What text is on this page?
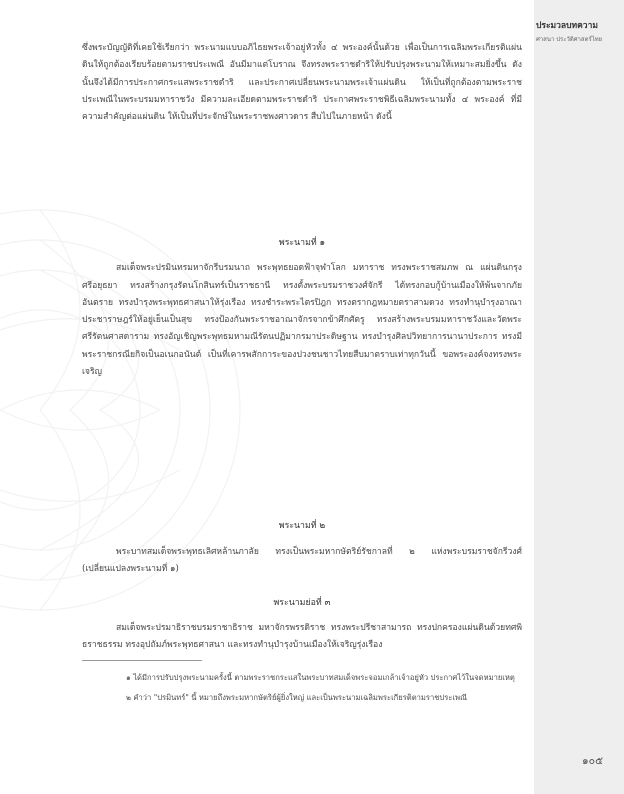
ประมวลบทความ
ศาสนา ประวัติศาสตร์ไทย

ซึ่งพระบัญญัติที่เคยใช้เรียกว่า พระนามแบบอภิไธยพระเจ้าอยู่หัวทั้ง ๔ พระองค์นั้นด้วย เพื่อเป็นการเฉลิมพระเกียรติแผ่นดินให้ถูกต้องเรียบร้อยตามราชประเพณี อันมีมาแต่โบราณ จึงทรงพระราชดำริให้ปรับปรุงพระนามให้เหมาะสมยิ่งขึ้น ดังนั้นจึงได้มีการประกาศกระแสพระราชดำริ และประกาศเปลี่ยนพระนามพระเจ้าแผ่นดิน ให้เป็นที่ถูกต้องตามพระราชประเพณีในพระบรมมหาราชวัง มีความละเอียดตามพระราชดำริ ประกาศพระราชพิธีเฉลิมพระนามทั้ง ๔ พระองค์ ที่มีความสำคัญต่อแผ่นดิน ให้เป็นที่ประจักษ์ในพระราชพงศาวดาร สืบไปในภายหน้า ดังนี้

พระนามที่ ๑

สมเด็จพระปรมินทรมหาจักรีบรมนาถ พระพุทธยอดฟ้าจุฬาโลก มหาราช ทรงพระราชสมภพ ณ แผ่นดินกรุงศรีอยุธยา ทรงสร้างกรุงรัตนโกสินทร์เป็นราชธานี ทรงตั้งพระบรมราชวงศ์จักรี ได้ทรงกอบกู้บ้านเมืองให้พ้นจากภัยอันตราย ทรงบำรุงพระพุทธศาสนาให้รุ่งเรือง ทรงชำระพระไตรปิฎก ทรงตรากฎหมายตราสามดวง ทรงทำนุบำรุงอาณาประชาราษฎร์ให้อยู่เย็นเป็นสุข ทรงป้องกันพระราชอาณาจักรจากข้าศึกศัตรู ทรงสร้างพระบรมมหาราชวังและวัดพระศรีรัตนศาสดาราม ทรงอัญเชิญพระพุทธมหามณีรัตนปฏิมากรมาประดิษฐาน ทรงบำรุงศิลปวิทยาการนานาประการ ทรงมีพระราชกรณียกิจเป็นอเนกอนันต์ เป็นที่เคารพสักการะของปวงชนชาวไทยสืบมาตราบเท่าทุกวันนี้ ขอพระองค์จงทรงพระเจริญ

พระนามที่ ๒

พระบาทสมเด็จพระพุทธเลิศหล้านภาลัย ทรงเป็นพระมหากษัตริย์รัชกาลที่ ๒ แห่งพระบรมราชจักรีวงศ์ (เปลี่ยนแปลงพระนามที่ ๑)

พระนามย่อที่ ๓

สมเด็จพระปรมาธิราชบรมราชาธิราช มหาจักรพรรดิราช ทรงพระปรีชาสามารถ ทรงปกครองแผ่นดินด้วยทศพิธราชธรรม ทรงอุปถัมภ์พระพุทธศาสนา และทรงทำนุบำรุงบ้านเมืองให้เจริญรุ่งเรือง

๑ ได้มีการปรับปรุงพระนามครั้งนี้ ตามพระราชกระแสในพระบาทสมเด็จพระจอมเกล้าเจ้าอยู่หัว ประกาศไว้ในจดหมายเหตุ

๒ คำว่า "ปรมินทร์" นี้ หมายถึงพระมหากษัตริย์ผู้ยิ่งใหญ่ และเป็นพระนามเฉลิมพระเกียรติตามราชประเพณี

๑๐๕
